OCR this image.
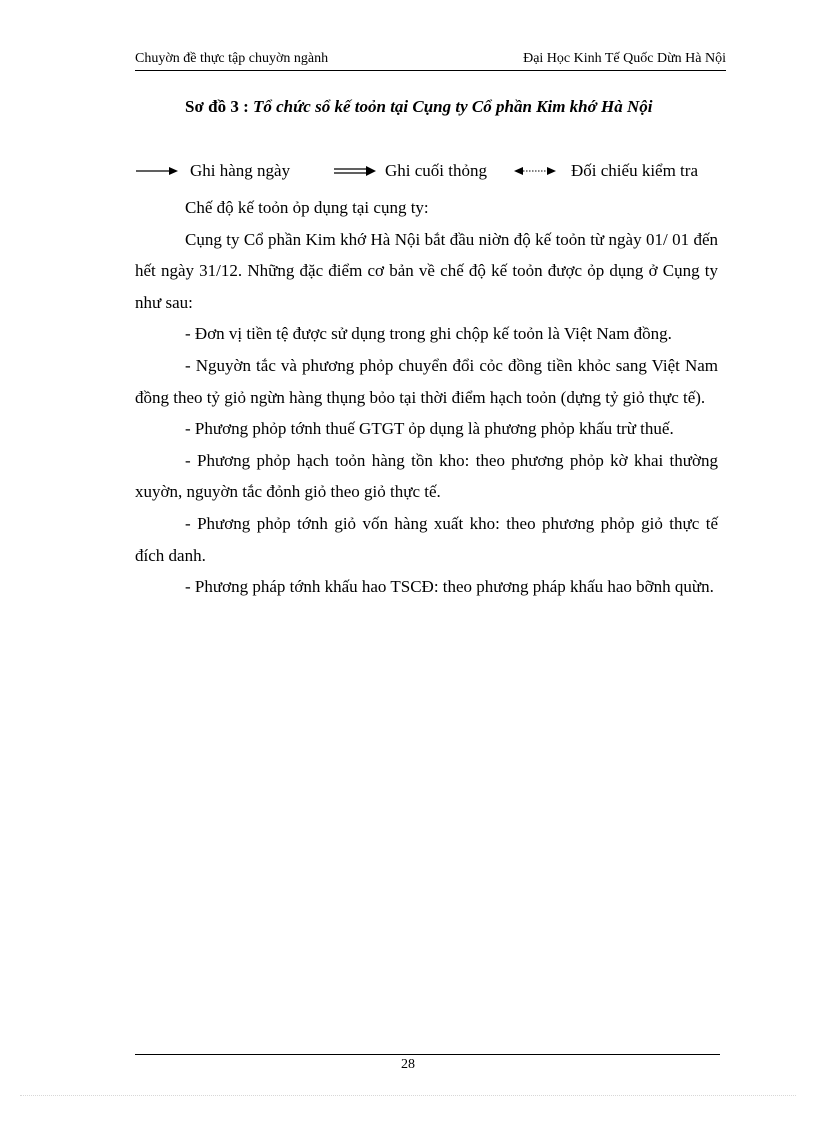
Chuyờn đề thực tập chuyờn ngành	Đại Học Kinh Tế Quốc Dừn Hà Nội
Sơ đồ 3 : Tổ chức sổ kế toỏn tại Cụng ty Cổ phần Kim khớ Hà Nội
Ghi hàng ngày	Ghi cuối thỏng	Đối chiếu kiểm tra

Chế độ kế toỏn ỏp dụng tại cụng ty:

Cụng ty Cổ phần Kim khớ Hà Nội bắt đầu niờn độ kế toỏn từ ngày 01/ 01 đến hết ngày 31/12. Những đặc điểm cơ bản về chế độ kế toỏn được ỏp dụng ở Cụng ty như sau:

- Đơn vị tiền tệ được sử dụng trong ghi chộp kế toỏn là Việt Nam đồng.

- Nguyờn tắc và phương phỏp chuyển đổi cỏc đồng tiền khỏc sang Việt Nam đồng theo tỷ giỏ ngừn hàng thụng bỏo tại thời điểm hạch toỏn (dựng tỷ giỏ thực tế).

- Phương phỏp tớnh thuế GTGT ỏp dụng là phương phỏp khấu trừ thuế.

- Phương phỏp hạch toỏn hàng tồn kho: theo phương phỏp kờ khai thường xuyờn, nguyờn tắc đỏnh giỏ theo giỏ thực tế.

- Phương phỏp tớnh giỏ vốn hàng xuất kho: theo phương phỏp giỏ thực tế đích danh.

- Phương pháp tớnh khấu hao TSCĐ: theo phương pháp khấu hao bỡnh quừn.

28
